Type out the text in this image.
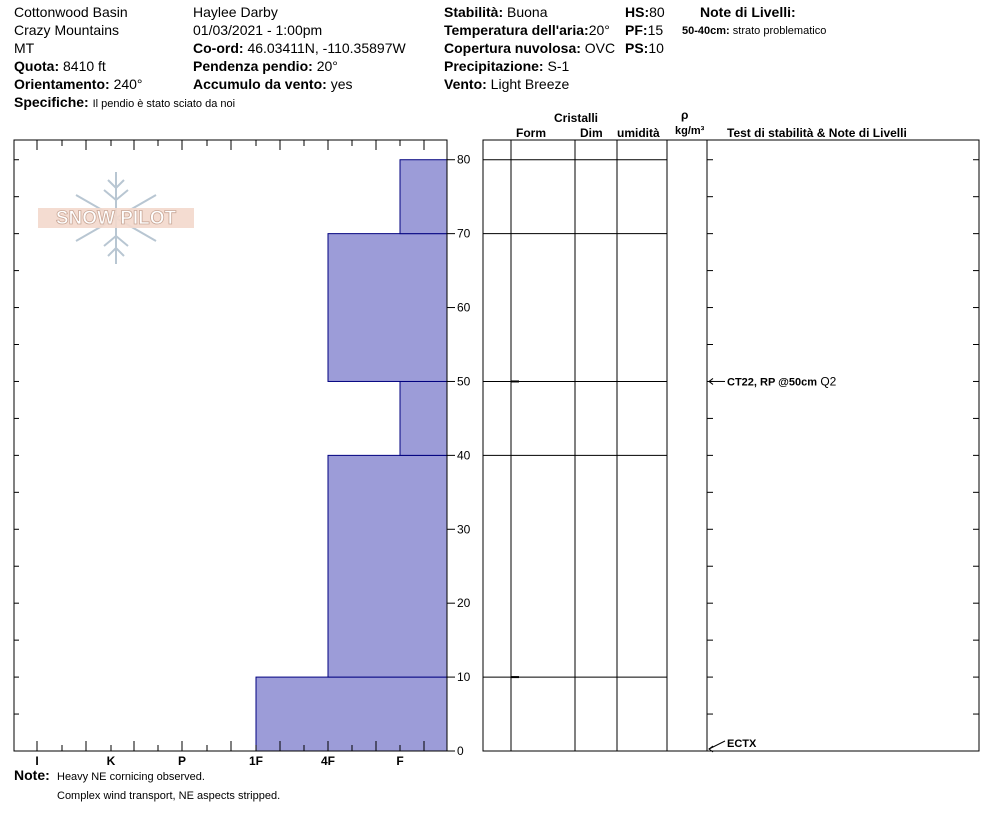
Cottonwood Basin
Crazy Mountains
MT
Quota: 8410 ft
Orientamento: 240°
Specifiche: Il pendio è stato sciato da noi
Haylee Darby
01/03/2021 - 1:00pm
Co-ord: 46.03411N, -110.35897W
Pendenza pendio: 20°
Accumulo da vento: yes
Stabilità: Buona
Temperatura dell'aria:20°
Copertura nuvolosa: OVC
Precipitazione: S-1
Vento: Light Breeze
HS:80
PF:15
PS:10
Note di Livelli:
50-40cm: strato problematico
SNOW PILOT
I	K	P	1F	4F	F
0
10
20
30
40
50
60
70
80
CT22, RP @50cm Q2
ECTX
Cristalli
Form	Dim umidità
ρ
kg/m³ Test di stabilità & Note di Livelli
Note: Heavy NE cornicing observed.
Complex wind transport, NE aspects stripped.
